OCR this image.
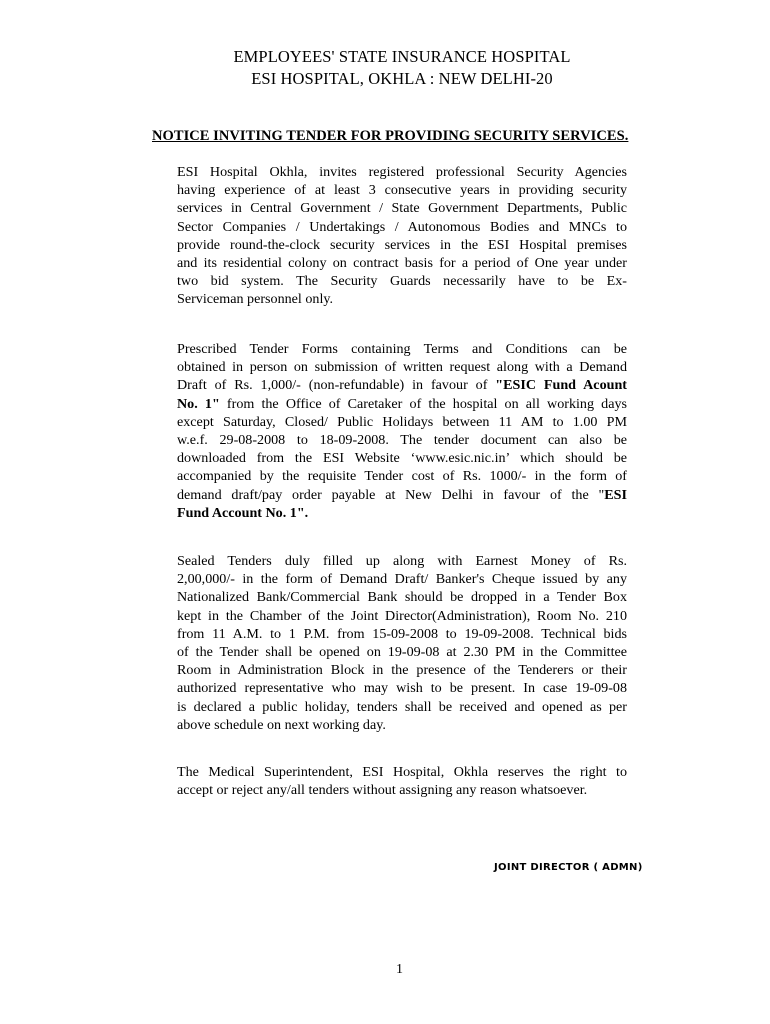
EMPLOYEES' STATE INSURANCE HOSPITAL
ESI HOSPITAL, OKHLA : NEW DELHI-20
NOTICE INVITING TENDER FOR PROVIDING SECURITY SERVICES.
ESI Hospital Okhla, invites registered professional Security Agencies
having experience of at least 3 consecutive years in providing security
services in Central Government / State Government Departments, Public
Sector Companies / Undertakings / Autonomous Bodies and MNCs to
provide round-the-clock security services in the ESI Hospital premises
and its residential colony on contract basis for a period of One year under
two bid system. The Security Guards necessarily have to be Ex-
Serviceman personnel only.
Prescribed Tender Forms containing Terms and Conditions can be
obtained in person on submission of written request along with a Demand
Draft of Rs. 1,000/- (non-refundable) in favour of "ESIC Fund Acount
No. 1" from the Office of Caretaker of the hospital on all working days
except Saturday, Closed/ Public Holidays between 11 AM to 1.00 PM
w.e.f. 29-08-2008 to 18-09-2008. The tender document can also be
downloaded from the ESI Website ‘www.esic.nic.in’ which should be
accompanied by the requisite Tender cost of Rs. 1000/- in the form of
demand draft/pay order payable at New Delhi in favour of the "ESI
Fund Account No. 1".
Sealed Tenders duly filled up along with Earnest Money of Rs.
2,00,000/- in the form of Demand Draft/ Banker's Cheque issued by any
Nationalized Bank/Commercial Bank should be dropped in a Tender Box
kept in the Chamber of the Joint Director(Administration), Room No. 210
from 11 A.M. to 1 P.M. from 15-09-2008 to 19-09-2008. Technical bids
of the Tender shall be opened on 19-09-08 at 2.30 PM in the Committee
Room in Administration Block in the presence of the Tenderers or their
authorized representative who may wish to be present. In case 19-09-08
is declared a public holiday, tenders shall be received and opened as per
above schedule on next working day.
The Medical Superintendent, ESI Hospital, Okhla reserves the right to
accept or reject any/all tenders without assigning any reason whatsoever.
JOINT DIRECTOR ( ADMN)
1
